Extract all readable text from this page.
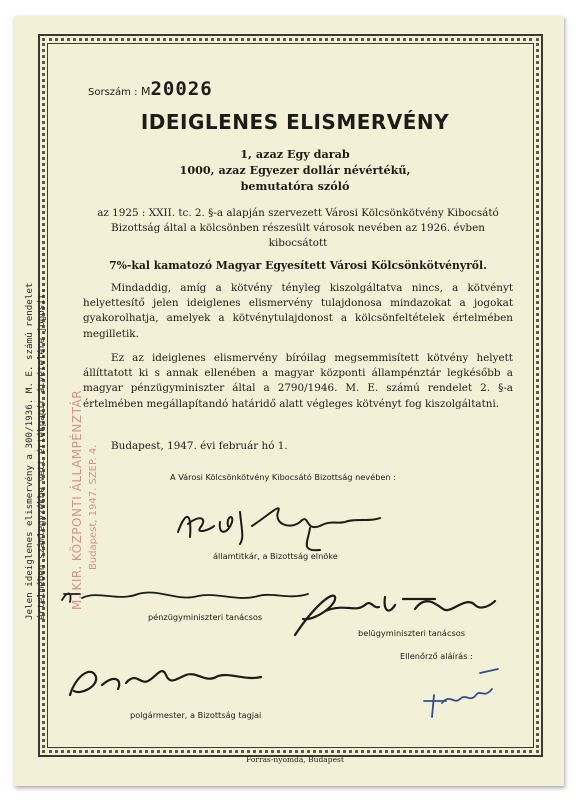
Sorszám : M20026
IDEIGLENES ELISMERVÉNY
1, azaz Egy darab
1000, azaz Egyezer dollár névértékű,
bemutatóra szóló
az 1925 : XXII. tc. 2. §-a alapján szervezett Városi Kölcsönkötvény Kibocsátó Bizottság által a kölcsönben részesült városok nevében az 1926. évben kibocsátott
7%-kal kamatozó Magyar Egyesített Városi Kölcsönkötvényről.
Mindaddig, amíg a kötvény tényleg kiszolgáltatva nincs, a kötvényt helyettesítő jelen ideiglenes elismervény tulajdonosa mindazokat a jogokat gyakorolhatja, amelyek a kötvénytulajdonost a kölcsönfeltételek értelmében megilletik.
Ez az ideiglenes elismervény bíróilag megsemmisített kötvény helyett állíttatott ki s annak ellenében a magyar központi állampénztár legkésőbb a magyar pénzügyminiszter által a 2790/1946. M. E. számú rendelet 2. §-a értelmében megállapítandó határidő alatt végleges kötvényt fog kiszolgáltatni.
Budapest, 1947. évi február hó 1.
A Városi Kölcsönkötvény Kibocsátó Bizottság nevében :
államtitkár, a Bizottság elnöke
pénzügyminiszteri tanácsos
belügyminiszteri tanácsos
Ellenőrző aláírás :
polgármester, a Bizottság tagjai
Forrás-nyomda, Budapest
Jelen ideiglenes elismervény a 300/1936. M. E. számú rendelet értelmében számlegyzékbe vett értékpapír átvételére jogosít. M. KIR. KÖZPONTI ÁLLAMPÉNZTÁR Budapest, 1947. SZEP. 4.
